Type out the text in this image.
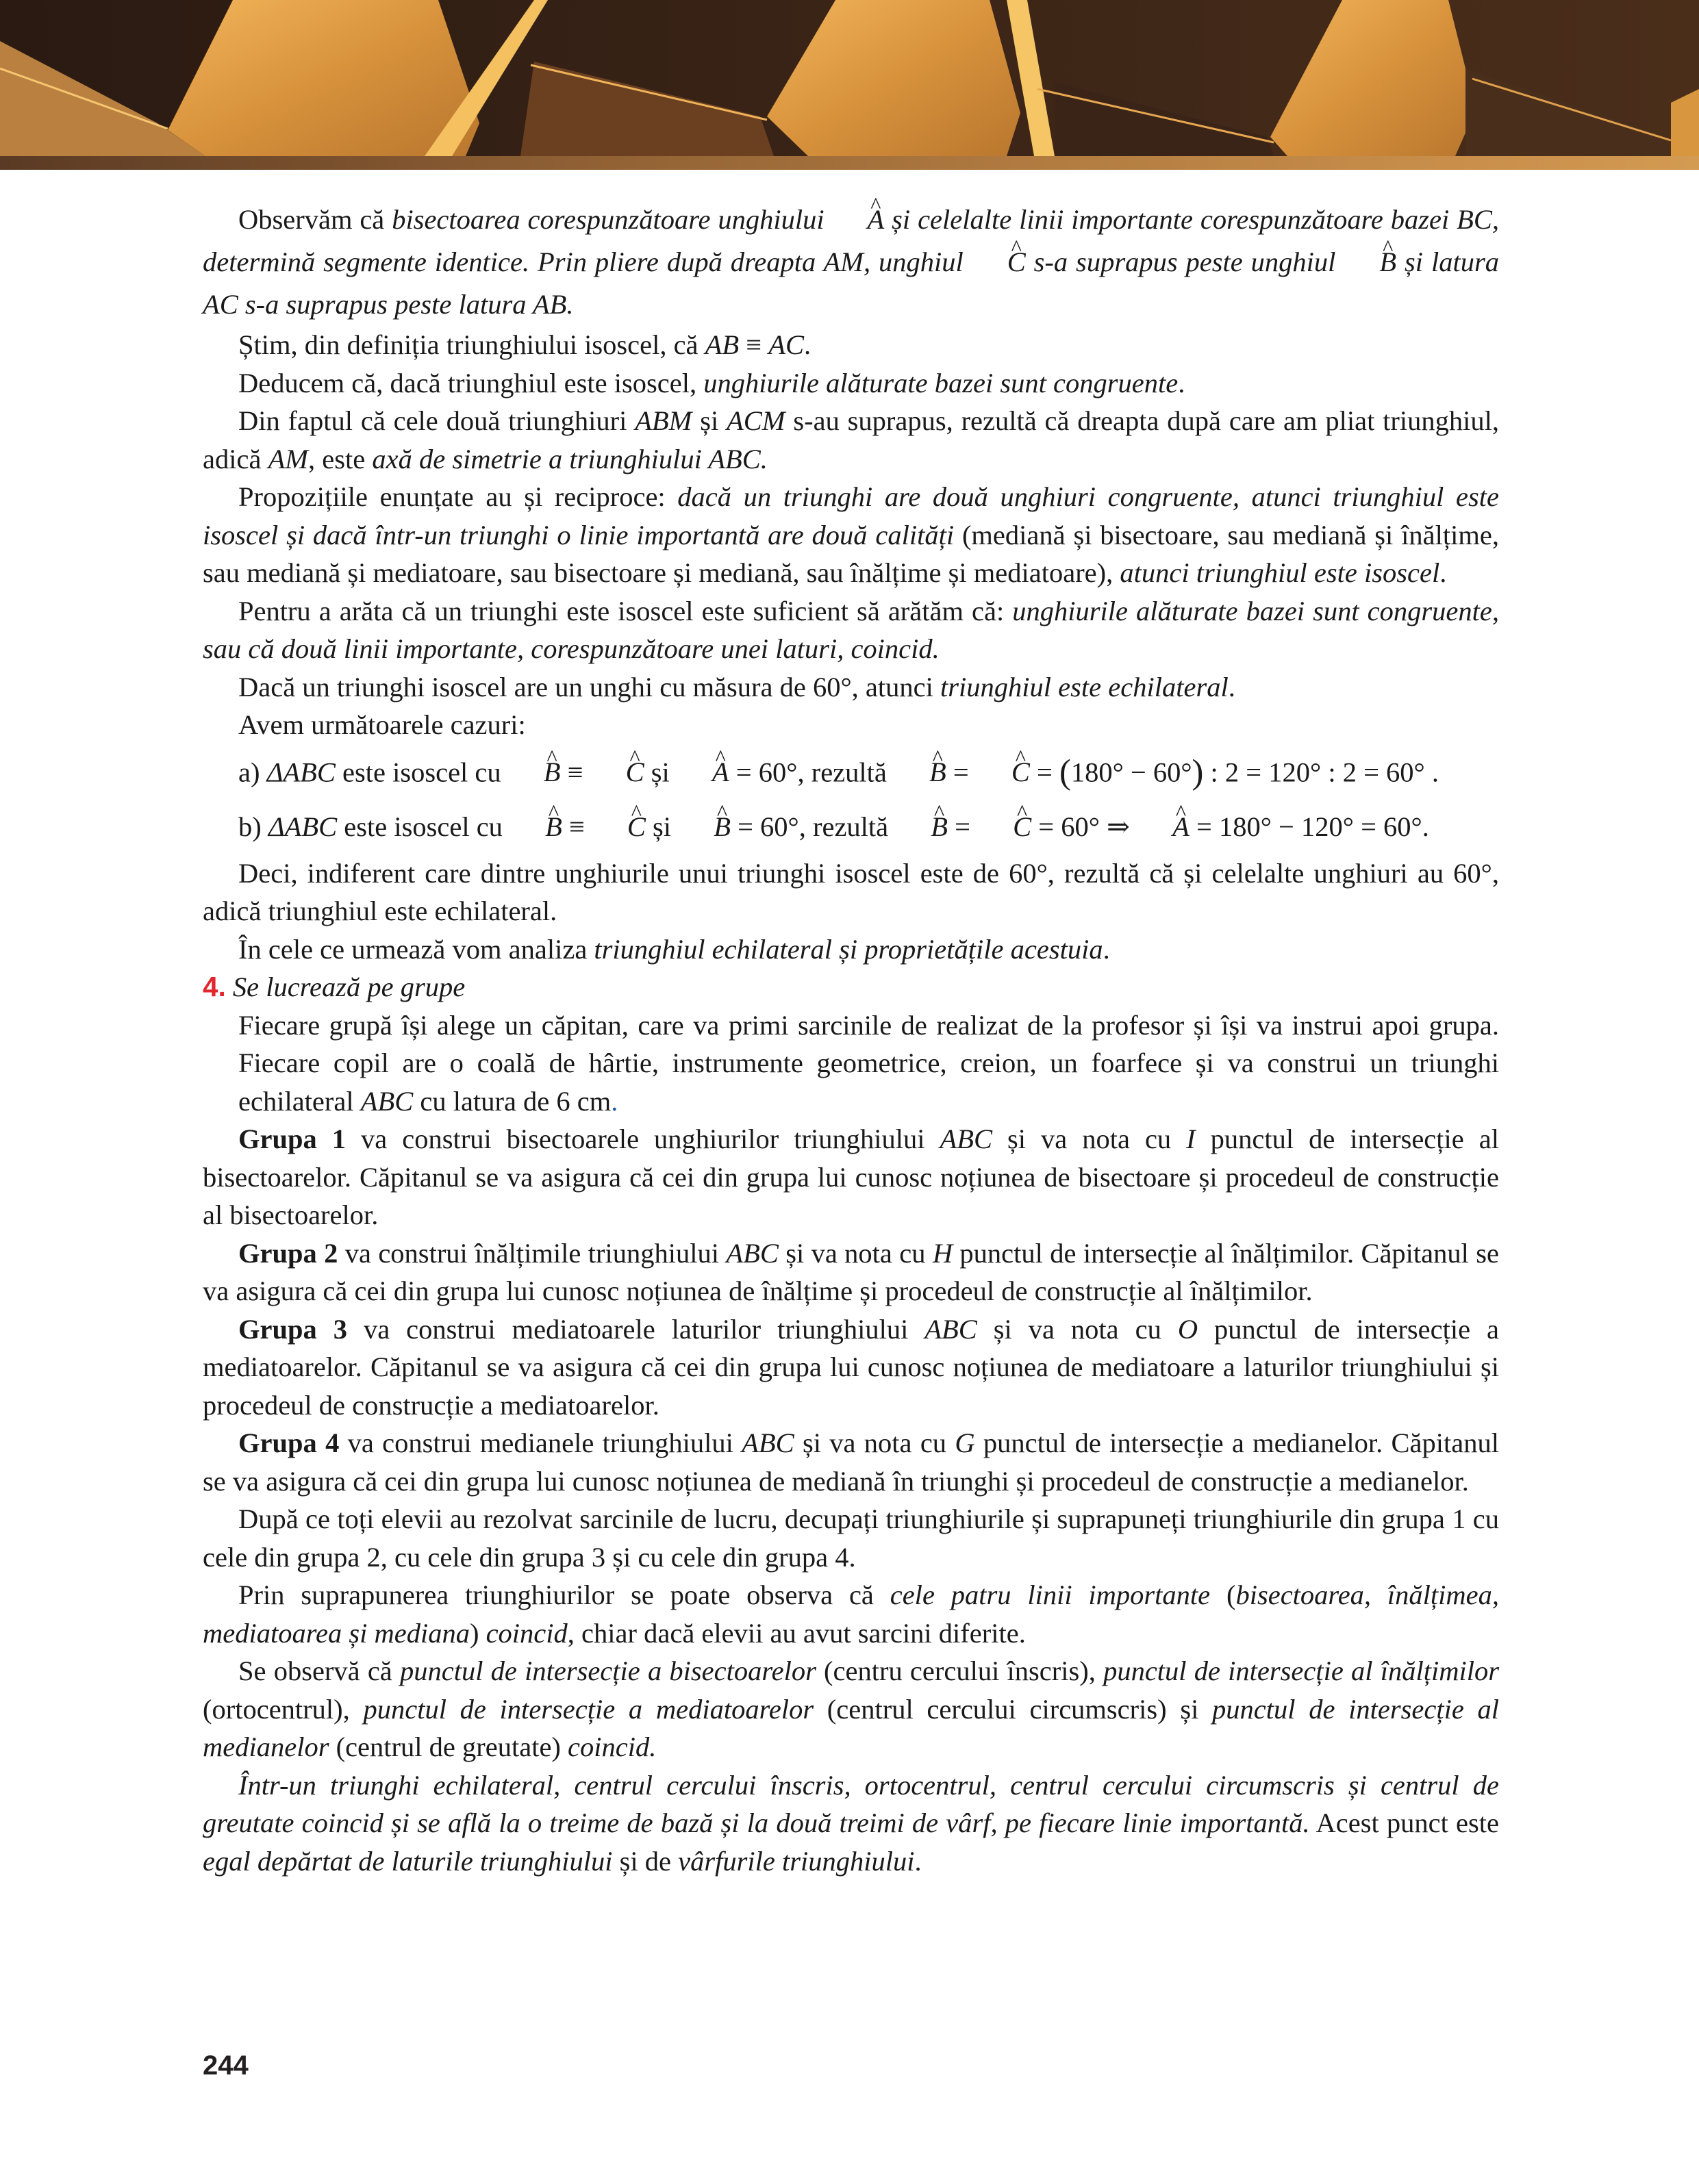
Observăm că bisectoarea corespunzătoare unghiului ^ A și celelalte linii importante corespunzătoare bazei BC, determină segmente identice. Prin pliere după dreapta AM, unghiul ^ C s-a suprapus peste unghiul ^ B și latura AC s-a suprapus peste latura AB.

Știm, din definiția triunghiului isoscel, că AB ≡ AC.

Deducem că, dacă triunghiul este isoscel, unghiurile alăturate bazei sunt congruente.

Din faptul că cele două triunghiuri ABM și ACM s-au suprapus, rezultă că dreapta după care am pliat triunghiul, adică AM, este axă de simetrie a triunghiului ABC.

Propozițiile enunțate au și reciproce: dacă un triunghi are două unghiuri congruente, atunci triunghiul este isoscel și dacă într-un triunghi o linie importantă are două calități (mediană și bisectoare, sau mediană și înălțime, sau mediană și mediatoare, sau bisectoare și mediană, sau înălțime și mediatoare), atunci triunghiul este isoscel.

Pentru a arăta că un triunghi este isoscel este suficient să arătăm că: unghiurile alăturate bazei sunt congruente, sau că două linii importante, corespunzătoare unei laturi, coincid.

Dacă un triunghi isoscel are un unghi cu măsura de 60°, atunci triunghiul este echilateral.

Avem următoarele cazuri:

a) ΔABC este isoscel cu ^ B ≡ ^ C și ^ A = 60°, rezultă ^ B = ^ C = (180° − 60°) : 2 = 120° : 2 = 60° .

b) ΔABC este isoscel cu ^ B ≡ ^ C și ^ B = 60°, rezultă ^ B = ^ C = 60° ⇒ ^ A = 180° − 120° = 60°.

Deci, indiferent care dintre unghiurile unui triunghi isoscel este de 60°, rezultă că și celelalte unghiuri au 60°, adică triunghiul este echilateral.

În cele ce urmează vom analiza triunghiul echilateral și proprietățile acestuia.

4. Se lucrează pe grupe

Fiecare grupă își alege un căpitan, care va primi sarcinile de realizat de la profesor și își va instrui apoi grupa. Fiecare copil are o coală de hârtie, instrumente geometrice, creion, un foarfece și va construi un triunghi echilateral ABC cu latura de 6 cm.

Grupa 1 va construi bisectoarele unghiurilor triunghiului ABC și va nota cu I punctul de intersecție al bisectoarelor. Căpitanul se va asigura că cei din grupa lui cunosc noțiunea de bisectoare și procedeul de construcție al bisectoarelor.

Grupa 2 va construi înălțimile triunghiului ABC și va nota cu H punctul de intersecție al înălțimilor. Căpitanul se va asigura că cei din grupa lui cunosc noțiunea de înălțime și procedeul de construcție al înălțimilor.

Grupa 3 va construi mediatoarele laturilor triunghiului ABC și va nota cu O punctul de intersecție a mediatoarelor. Căpitanul se va asigura că cei din grupa lui cunosc noțiunea de mediatoare a laturilor triunghiului și procedeul de construcție a mediatoarelor.

Grupa 4 va construi medianele triunghiului ABC și va nota cu G punctul de intersecție a medianelor. Căpitanul se va asigura că cei din grupa lui cunosc noțiunea de mediană în triunghi și procedeul de construcție a medianelor.

După ce toți elevii au rezolvat sarcinile de lucru, decupați triunghiurile și suprapuneți triunghiurile din grupa 1 cu cele din grupa 2, cu cele din grupa 3 și cu cele din grupa 4.

Prin suprapunerea triunghiurilor se poate observa că cele patru linii importante (bisectoarea, înălțimea, mediatoarea și mediana) coincid, chiar dacă elevii au avut sarcini diferite.

Se observă că punctul de intersecție a bisectoarelor (centru cercului înscris), punctul de intersecție al înălțimilor (ortocentrul), punctul de intersecție a mediatoarelor (centrul cercului circumscris) și punctul de intersecție al medianelor (centrul de greutate) coincid.

Într-un triunghi echilateral, centrul cercului înscris, ortocentrul, centrul cercului circumscris și centrul de greutate coincid și se află la o treime de bază și la două treimi de vârf, pe fiecare linie importantă. Acest punct este egal depărtat de laturile triunghiului și de vârfurile triunghiului.

244
